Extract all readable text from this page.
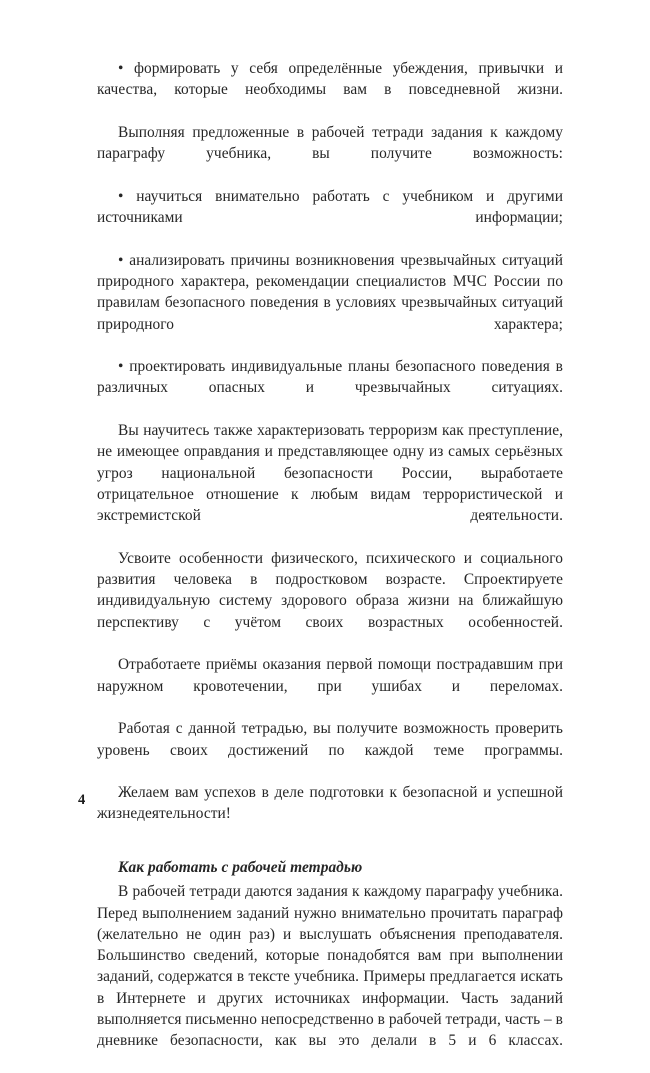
• формировать у себя определённые убеждения, привычки и качества, которые необходимы вам в повседневной жизни.

Выполняя предложенные в рабочей тетради задания к каждому параграфу учебника, вы получите возможность:

• научиться внимательно работать с учебником и другими источниками информации;

• анализировать причины возникновения чрезвычайных ситуаций природного характера, рекомендации специалистов МЧС России по правилам безопасного поведения в условиях чрезвычайных ситуаций природного характера;

• проектировать индивидуальные планы безопасного поведения в различных опасных и чрезвычайных ситуациях.

Вы научитесь также характеризовать терроризм как преступление, не имеющее оправдания и представляющее одну из самых серьёзных угроз национальной безопасности России, выработаете отрицательное отношение к любым видам террористической и экстремистской деятельности.

Усвоите особенности физического, психического и социального развития человека в подростковом возрасте. Спроектируете индивидуальную систему здорового образа жизни на ближайшую перспективу с учётом своих возрастных особенностей.

Отработаете приёмы оказания первой помощи пострадавшим при наружном кровотечении, при ушибах и переломах.

Работая с данной тетрадью, вы получите возможность проверить уровень своих достижений по каждой теме программы.

Желаем вам успехов в деле подготовки к безопасной и успешной жизнедеятельности!

Как работать с рабочей тетрадью

В рабочей тетради даются задания к каждому параграфу учебника. Перед выполнением заданий нужно внимательно прочитать параграф (желательно не один раз) и выслушать объяснения преподавателя. Большинство сведений, которые понадобятся вам при выполнении заданий, содержатся в тексте учебника. Примеры предлагается искать в Интернете и других источниках информации. Часть заданий выполняется письменно непосредственно в рабочей тетради, часть – в дневнике безопасности, как вы это делали в 5 и 6 классах.

4
